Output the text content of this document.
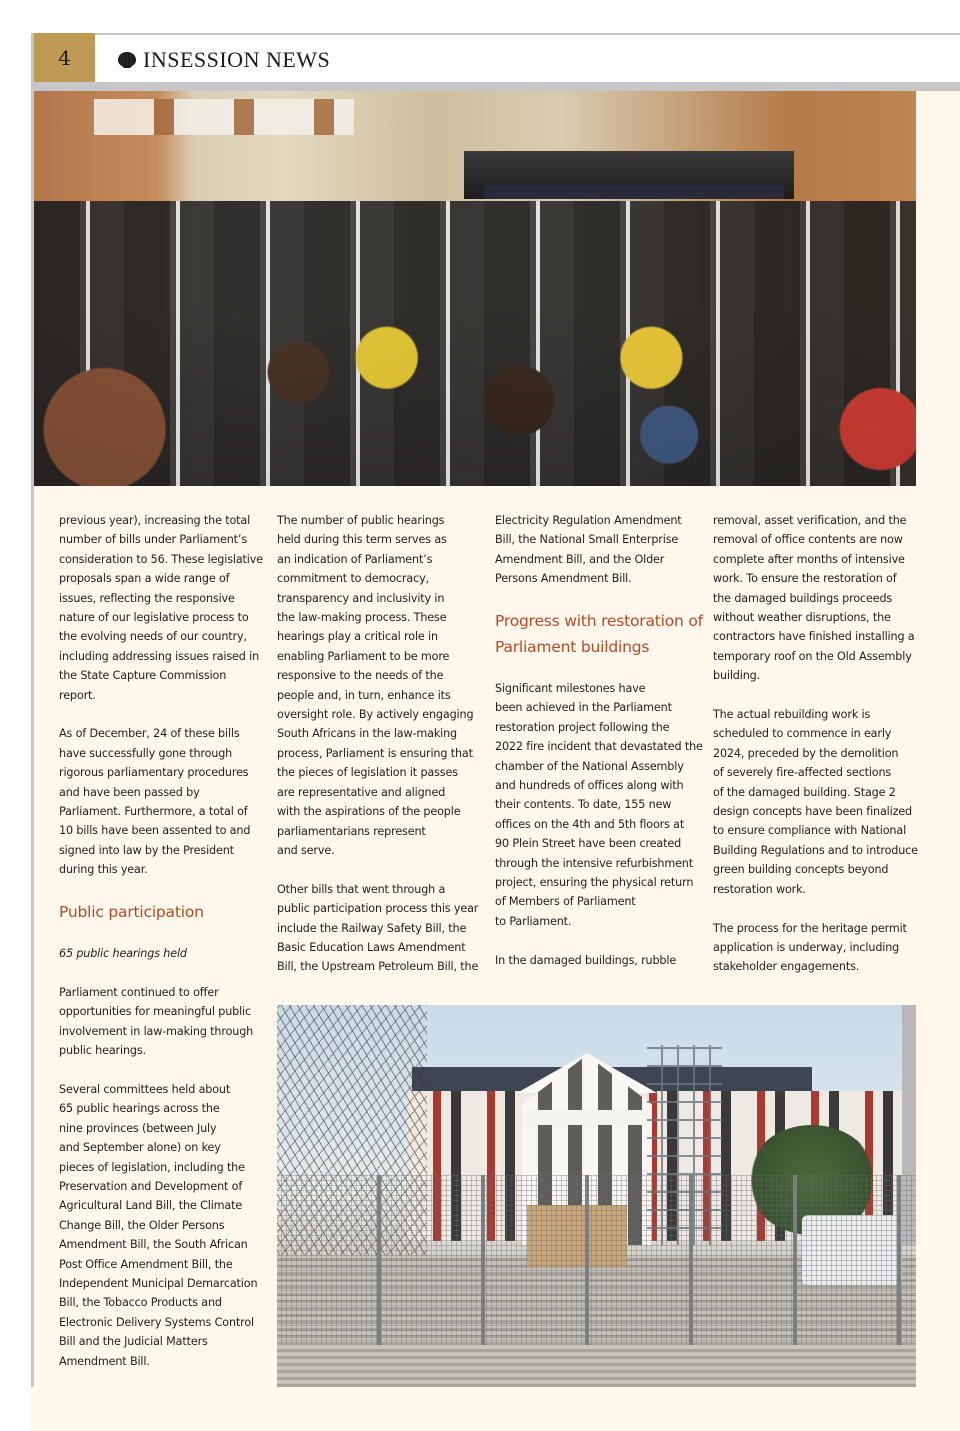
4	INSESSION NEWS

previous year), increasing the total
number of bills under Parliament’s
consideration to 56. These legislative
proposals span a wide range of
issues, reflecting the responsive
nature of our legislative process to
the evolving needs of our country,
including addressing issues raised in
the State Capture Commission report.

As of December, 24 of these bills
have successfully gone through
rigorous parliamentary procedures
and have been passed by
Parliament. Furthermore, a total of
10 bills have been assented to and
signed into law by the President
during this year.

Public participation

65 public hearings held

Parliament continued to offer
opportunities for meaningful public
involvement in law-making through
public hearings.

Several committees held about
65 public hearings across the
nine provinces (between July
and September alone) on key
pieces of legislation, including the
Preservation and Development of
Agricultural Land Bill, the Climate
Change Bill, the Older Persons
Amendment Bill, the South African
Post Office Amendment Bill, the
Independent Municipal Demarcation
Bill, the Tobacco Products and
Electronic Delivery Systems Control
Bill and the Judicial Matters
Amendment Bill.

The number of public hearings
held during this term serves as
an indication of Parliament’s
commitment to democracy,
transparency and inclusivity in
the law-making process. These
hearings play a critical role in
enabling Parliament to be more
responsive to the needs of the
people and, in turn, enhance its
oversight role. By actively engaging
South Africans in the law-making
process, Parliament is ensuring that
the pieces of legislation it passes
are representative and aligned
with the aspirations of the people
parliamentarians represent
and serve.

Other bills that went through a
public participation process this year
include the Railway Safety Bill, the
Basic Education Laws Amendment
Bill, the Upstream Petroleum Bill, the

Electricity Regulation Amendment
Bill, the National Small Enterprise
Amendment Bill, and the Older
Persons Amendment Bill.

Progress with restoration of
Parliament buildings

Significant milestones have
been achieved in the Parliament
restoration project following the
2022 fire incident that devastated the
chamber of the National Assembly
and hundreds of offices along with
their contents. To date, 155 new
offices on the 4th and 5th floors at
90 Plein Street have been created
through the intensive refurbishment
project, ensuring the physical return
of Members of Parliament
to Parliament.

In the damaged buildings, rubble

removal, asset verification, and the
removal of office contents are now
complete after months of intensive
work. To ensure the restoration of
the damaged buildings proceeds
without weather disruptions, the
contractors have finished installing a
temporary roof on the Old Assembly
building.

The actual rebuilding work is
scheduled to commence in early
2024, preceded by the demolition
of severely fire-affected sections
of the damaged building. Stage 2
design concepts have been finalized
to ensure compliance with National
Building Regulations and to introduce
green building concepts beyond
restoration work.

The process for the heritage permit
application is underway, including
stakeholder engagements.
